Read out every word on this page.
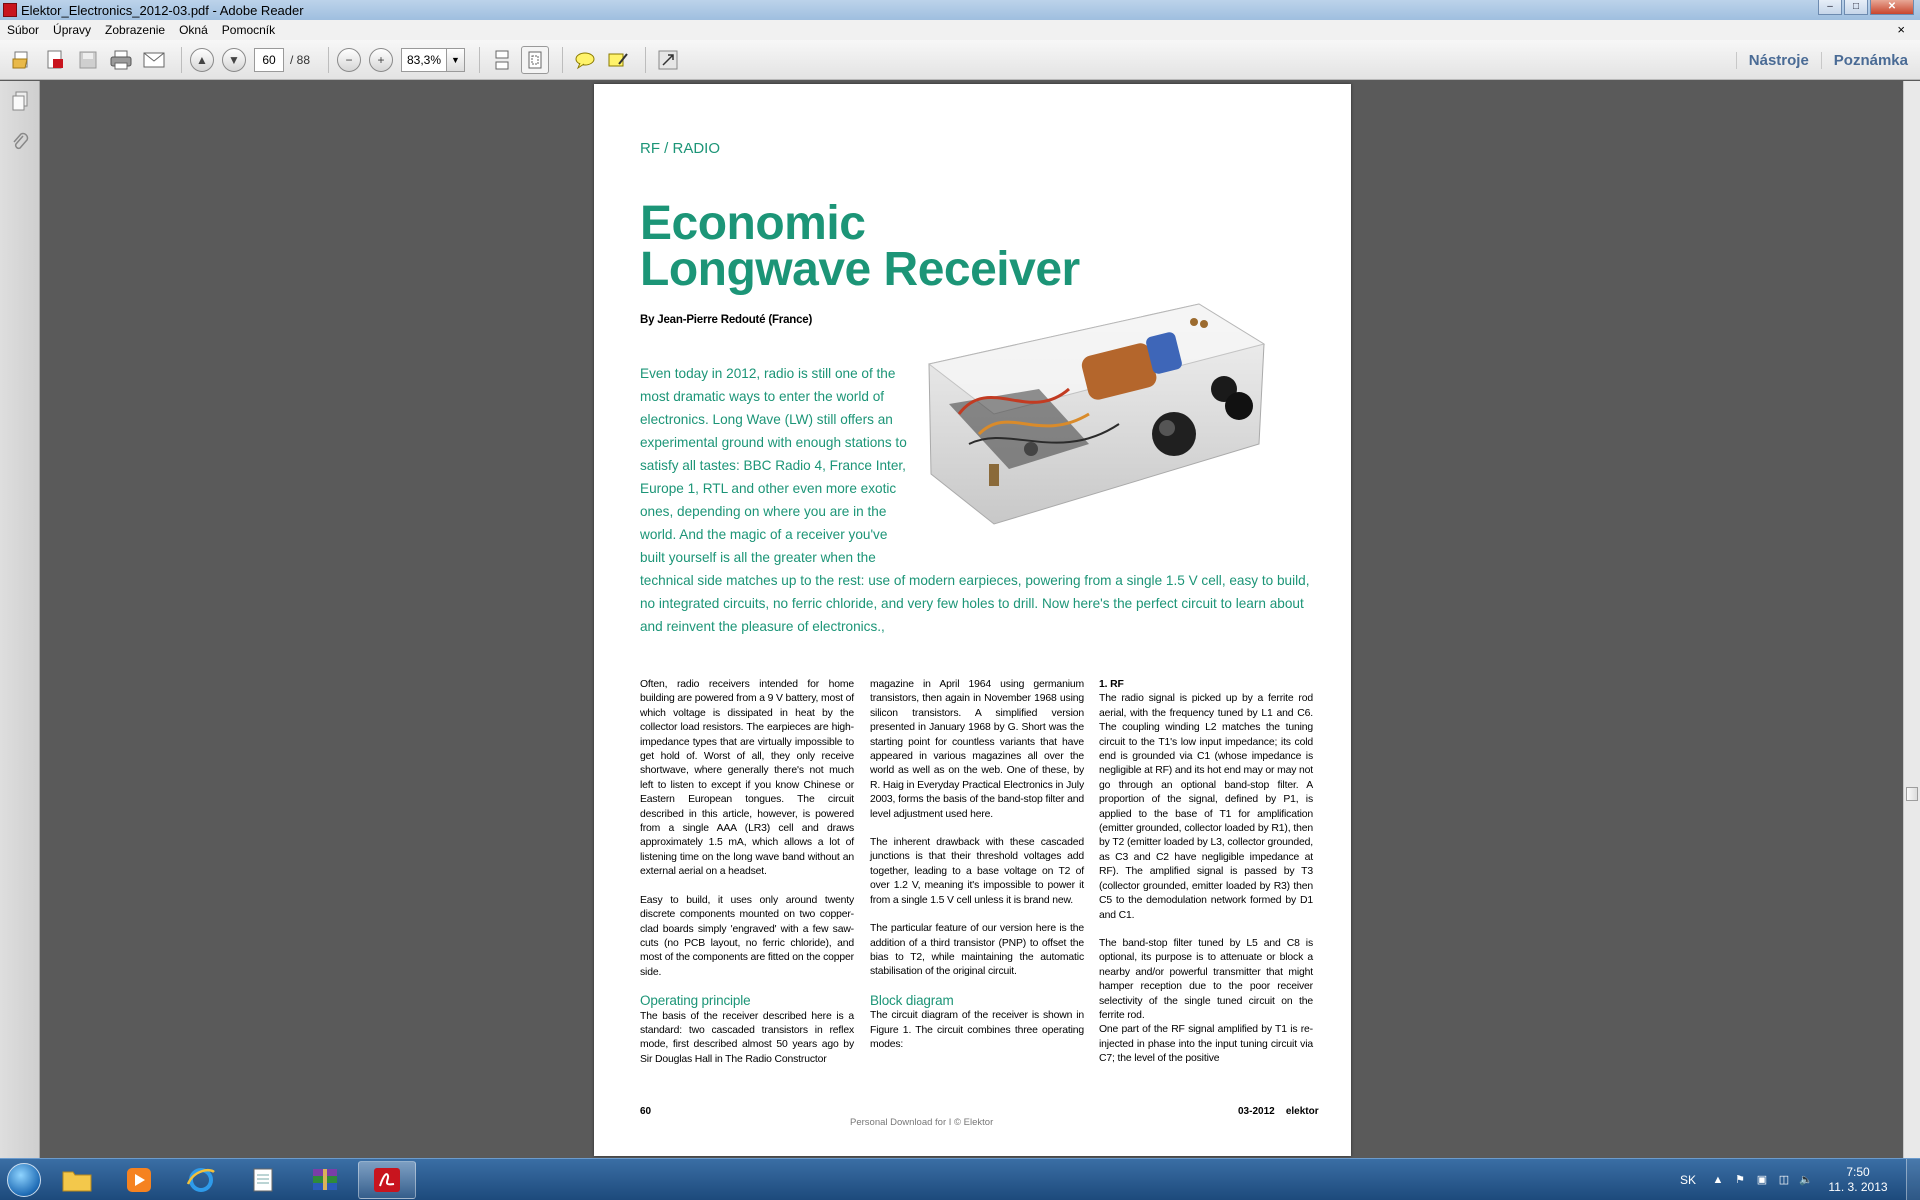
Elektor_Electronics_2012-03.pdf - Adobe Reader	‒	□	✕
Súbor	Úpravy	Zobrazenie	Okná	Pomocník	×
▲	▼	60	/ 88	−	+	83,3%	▼	Nástroje	Poznámka
RF / RADIO
Economic
Longwave Receiver
By Jean-Pierre Redouté (France)
Even today in 2012, radio is still one of the most dramatic ways to enter the world of electronics. Long Wave (LW) still offers an experimental ground with enough stations to satisfy all tastes: BBC Radio 4, France Inter, Europe 1, RTL and other even more exotic ones, depending on where you are in the world. And the magic of a receiver you've built yourself is all the greater when the
technical side matches up to the rest: use of modern earpieces, powering from a single 1.5 V cell, easy to build, no integrated circuits, no ferric chloride, and very few holes to drill. Now here's the perfect circuit to learn about and reinvent the pleasure of electronics.,

Often, radio receivers intended for home building are powered from a 9 V battery, most of which voltage is dissipated in heat by the collector load resistors. The earpieces are high-impedance types that are virtually impossible to get hold of. Worst of all, they only receive shortwave, where generally there's not much left to listen to except if you know Chinese or Eastern European tongues. The circuit described in this article, however, is powered from a single AAA (LR3) cell and draws approximately 1.5 mA, which allows a lot of listening time on the long wave band without an external aerial on a headset.

Easy to build, it uses only around twenty discrete components mounted on two copper-clad boards simply 'engraved' with a few saw-cuts (no PCB layout, no ferric chloride), and most of the components are fitted on the copper side.

Operating principle

The basis of the receiver described here is a standard: two cascaded transistors in reflex mode, first described almost 50 years ago by Sir Douglas Hall in The Radio Constructor

magazine in April 1964 using germanium transistors, then again in November 1968 using silicon transistors. A simplified version presented in January 1968 by G. Short was the starting point for countless variants that have appeared in various magazines all over the world as well as on the web. One of these, by R. Haig in Everyday Practical Electronics in July 2003, forms the basis of the band-stop filter and level adjustment used here.

The inherent drawback with these cascaded junctions is that their threshold voltages add together, leading to a base voltage on T2 of over 1.2 V, meaning it's impossible to power it from a single 1.5 V cell unless it is brand new.

The particular feature of our version here is the addition of a third transistor (PNP) to offset the bias to T2, while maintaining the automatic stabilisation of the original circuit.

Block diagram

The circuit diagram of the receiver is shown in Figure 1. The circuit combines three operating modes:

1. RF

The radio signal is picked up by a ferrite rod aerial, with the frequency tuned by L1 and C6. The coupling winding L2 matches the tuning circuit to the T1's low input impedance; its cold end is grounded via C1 (whose impedance is negligible at RF) and its hot end may or may not go through an optional band-stop filter. A proportion of the signal, defined by P1, is applied to the base of T1 for amplification (emitter grounded, collector loaded by R1), then by T2 (emitter loaded by L3, collector grounded, as C3 and C2 have negligible impedance at RF). The amplified signal is passed by T3 (collector grounded, emitter loaded by R3) then C5 to the demodulation network formed by D1 and C1.

The band-stop filter tuned by L5 and C8 is optional, its purpose is to attenuate or block a nearby and/or powerful transmitter that might hamper reception due to the poor receiver selectivity of the single tuned circuit on the ferrite rod.

One part of the RF signal amplified by T1 is re-injected in phase into the input tuning circuit via C7; the level of the positive

60
Personal Download for I © Elektor
03-2012    elektor
SK ▲ ⚑ ▣ ◫ 🔈
7:50
11. 3. 2013
